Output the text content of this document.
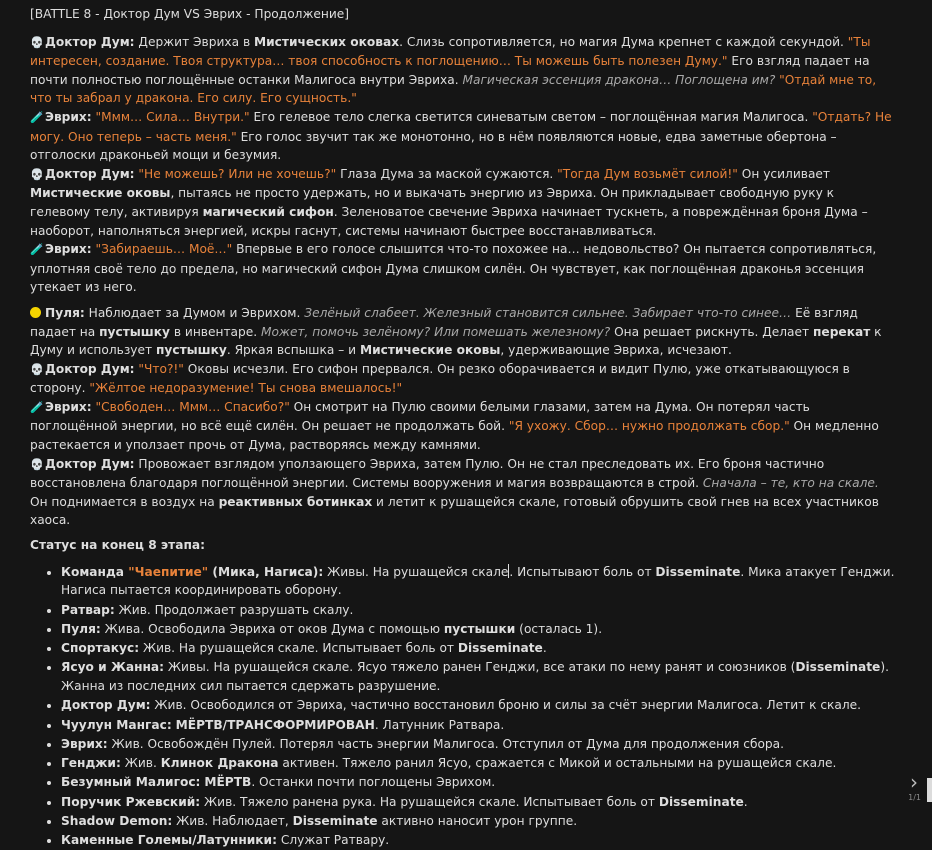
[BATTLE 8 - Доктор Дум VS Эврих - Продолжение]

💀Доктор Дум: Держит Эвриха в Мистических оковах. Слизь сопротивляется, но магия Дума крепнет с каждой секундой. "Ты интересен, создание. Твоя структура… твоя способность к поглощению… Ты можешь быть полезен Думу." Его взгляд падает на почти полностью поглощённые останки Малигоса внутри Эвриха. Магическая эссенция дракона… Поглощена им? "Отдай мне то, что ты забрал у дракона. Его силу. Его сущность."

🧪Эврих: "Ммм… Сила… Внутри." Его гелевое тело слегка светится синеватым светом – поглощённая магия Малигоса. "Отдать? Не могу. Оно теперь – часть меня." Его голос звучит так же монотонно, но в нём появляются новые, едва заметные обертона – отголоски драконьей мощи и безумия.

💀Доктор Дум: "Не можешь? Или не хочешь?" Глаза Дума за маской сужаются. "Тогда Дум возьмёт силой!" Он усиливает Мистические оковы, пытаясь не просто удержать, но и выкачать энергию из Эвриха. Он прикладывает свободную руку к гелевому телу, активируя магический сифон. Зеленоватое свечение Эвриха начинает тускнеть, а повреждённая броня Дума – наоборот, наполняться энергией, искры гаснут, системы начинают быстрее восстанавливаться.

🧪Эврих: "Забираешь… Моё…" Впервые в его голосе слышится что-то похожее на… недовольство? Он пытается сопротивляться, уплотняя своё тело до предела, но магический сифон Дума слишком силён. Он чувствует, как поглощённая драконья эссенция утекает из него.

Пуля: Наблюдает за Думом и Эврихом. Зелёный слабеет. Железный становится сильнее. Забирает что-то синее… Её взгляд падает на пустышку в инвентаре. Может, помочь зелёному? Или помешать железному? Она решает рискнуть. Делает перекат к Думу и использует пустышку. Яркая вспышка – и Мистические оковы, удерживающие Эвриха, исчезают.

💀Доктор Дум: "Что?!" Оковы исчезли. Его сифон прервался. Он резко оборачивается и видит Пулю, уже откатывающуюся в сторону. "Жёлтое недоразумение! Ты снова вмешалось!"

🧪Эврих: "Свободен… Ммм… Спасибо?" Он смотрит на Пулю своими белыми глазами, затем на Дума. Он потерял часть поглощённой энергии, но всё ещё силён. Он решает не продолжать бой. "Я ухожу. Сбор… нужно продолжать сбор." Он медленно растекается и уползает прочь от Дума, растворяясь между камнями.

💀Доктор Дум: Провожает взглядом уползающего Эвриха, затем Пулю. Он не стал преследовать их. Его броня частично восстановлена благодаря поглощённой энергии. Системы вооружения и магия возвращаются в строй. Сначала – те, кто на скале. Он поднимается в воздух на реактивных ботинках и летит к рушащейся скале, готовый обрушить свой гнев на всех участников хаоса.

Статус на конец 8 этапа:

• Команда "Чаепитие" (Мика, Нагиса): Живы. На рушащейся скале. Испытывают боль от Disseminate. Мика атакует Генджи. Нагиса пытается координировать оборону.
• Ратвар: Жив. Продолжает разрушать скалу.
• Пуля: Жива. Освободила Эвриха от оков Дума с помощью пустышки (осталась 1).
• Спортакус: Жив. На рушащейся скале. Испытывает боль от Disseminate.
• Ясуо и Жанна: Живы. На рушащейся скале. Ясуо тяжело ранен Генджи, все атаки по нему ранят и союзников (Disseminate). Жанна из последних сил пытается сдержать разрушение.
• Доктор Дум: Жив. Освободился от Эвриха, частично восстановил броню и силы за счёт энергии Малигоса. Летит к скале.
• Чуулун Мангас: МЁРТВ/ТРАНСФОРМИРОВАН. Латунник Ратвара.
• Эврих: Жив. Освобождён Пулей. Потерял часть энергии Малигоса. Отступил от Дума для продолжения сбора.
• Генджи: Жив. Клинок Дракона активен. Тяжело ранил Ясуо, сражается с Микой и остальными на рушащейся скале.
• Безумный Малигос: МЁРТВ. Останки почти поглощены Эврихом.
• Поручик Ржевский: Жив. Тяжело ранена рука. На рушащейся скале. Испытывает боль от Disseminate.
• Shadow Demon: Жив. Наблюдает, Disseminate активно наносит урон группе.
• Каменные Големы/Латунники: Служат Ратвару.
›
1/1
